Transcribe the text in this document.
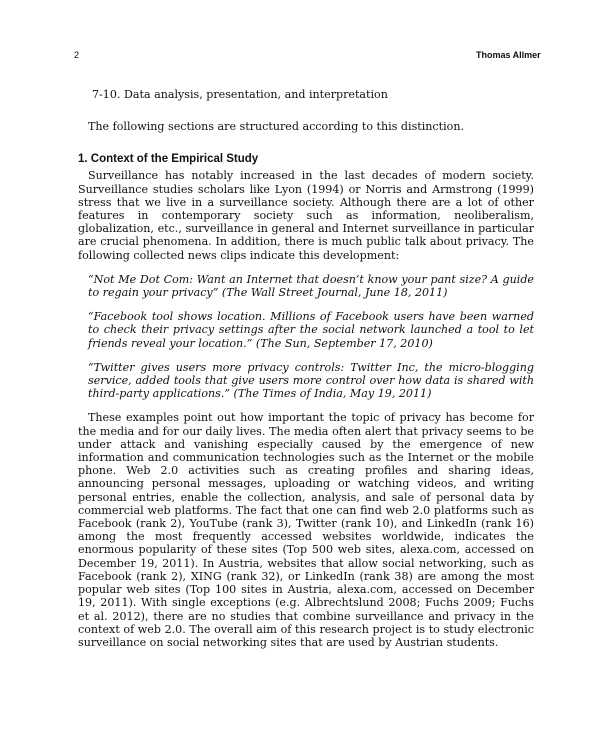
2	Thomas Allmer

7-10. Data analysis, presentation, and interpretation

The following sections are structured according to this distinction.

1. Context of the Empirical Study

Surveillance has notably increased in the last decades of modern society. Surveillance studies scholars like Lyon (1994) or Norris and Armstrong (1999) stress that we live in a surveillance society. Although there are a lot of other features in contemporary society such as information, neoliberalism, globalization, etc., surveillance in general and Internet surveillance in particular are crucial phenomena. In addition, there is much public talk about privacy. The following collected news clips indicate this development:

“Not Me Dot Com: Want an Internet that doesn’t know your pant size? A guide to regain your privacy” (The Wall Street Journal, June 18, 2011)

“Facebook tool shows location. Millions of Facebook users have been warned to check their privacy settings after the social network launched a tool to let friends reveal your location.” (The Sun, September 17, 2010)

“Twitter gives users more privacy controls: Twitter Inc, the micro-blogging service, added tools that give users more control over how data is shared with third-party applications.” (The Times of India, May 19, 2011)

These examples point out how important the topic of privacy has become for the media and for our daily lives. The media often alert that privacy seems to be under attack and vanishing especially caused by the emergence of new information and communication technologies such as the Internet or the mobile phone. Web 2.0 activities such as creating profiles and sharing ideas, announcing personal messages, uploading or watching videos, and writing personal entries, enable the collection, analysis, and sale of personal data by commercial web platforms. The fact that one can find web 2.0 platforms such as Facebook (rank 2), YouTube (rank 3), Twitter (rank 10), and LinkedIn (rank 16) among the most frequently accessed websites worldwide, indicates the enormous popularity of these sites (Top 500 web sites, alexa.com, accessed on December 19, 2011). In Austria, websites that allow social networking, such as Facebook (rank 2), XING (rank 32), or LinkedIn (rank 38) are among the most popular web sites (Top 100 sites in Austria, alexa.com, accessed on December 19, 2011). With single exceptions (e.g. Albrechtslund 2008; Fuchs 2009; Fuchs et al. 2012), there are no studies that combine surveillance and privacy in the context of web 2.0. The overall aim of this research project is to study electronic surveillance on social networking sites that are used by Austrian students.
